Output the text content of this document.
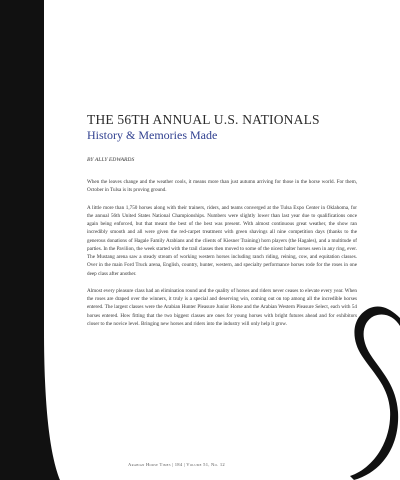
THE 56TH ANNUAL U.S. NATIONALS
History & Memories Made
BY ALLY EDWARDS

When the leaves change and the weather cools, it means more than just autumn arriving for those in the horse world. For them, October in Tulsa is its proving ground.

A little more than 1,750 horses along with their trainers, riders, and teams converged at the Tulsa Expo Center in Oklahoma, for the annual 56th United States National Championships. Numbers were slightly lower than last year due to qualifications once again being enforced, but that meant the best of the best was present. With almost continuous great weather, the show ran incredibly smooth and all were given the red-carpet treatment with green shavings all nine competition days (thanks to the generous donations of Hagale Family Arabians and the clients of Kiesner Training) horn players (the Hagales), and a multitude of parties. In the Pavilion, the week started with the trail classes then moved to some of the nicest halter horses seen in any ring, ever. The Mustang arena saw a steady stream of working western horses including ranch riding, reining, cow, and equitation classes. Over in the main Ford Truck arena, English, country, hunter, western, and specialty performance horses rode for the roses in one deep class after another.

Almost every pleasure class had an elimination round and the quality of horses and riders never ceases to elevate every year. When the roses are draped over the winners, it truly is a special and deserving win, coming out on top among all the incredible horses entered. The largest classes were the Arabian Hunter Pleasure Junior Horse and the Arabian Western Pleasure Select, each with 54 horses entered. How fitting that the two biggest classes are ones for young horses with bright futures ahead and for exhibitors closer to the novice level. Bringing new horses and riders into the industry will only help it grow.

Arabian Horse Times | 184 | Volume 51, No. 12
